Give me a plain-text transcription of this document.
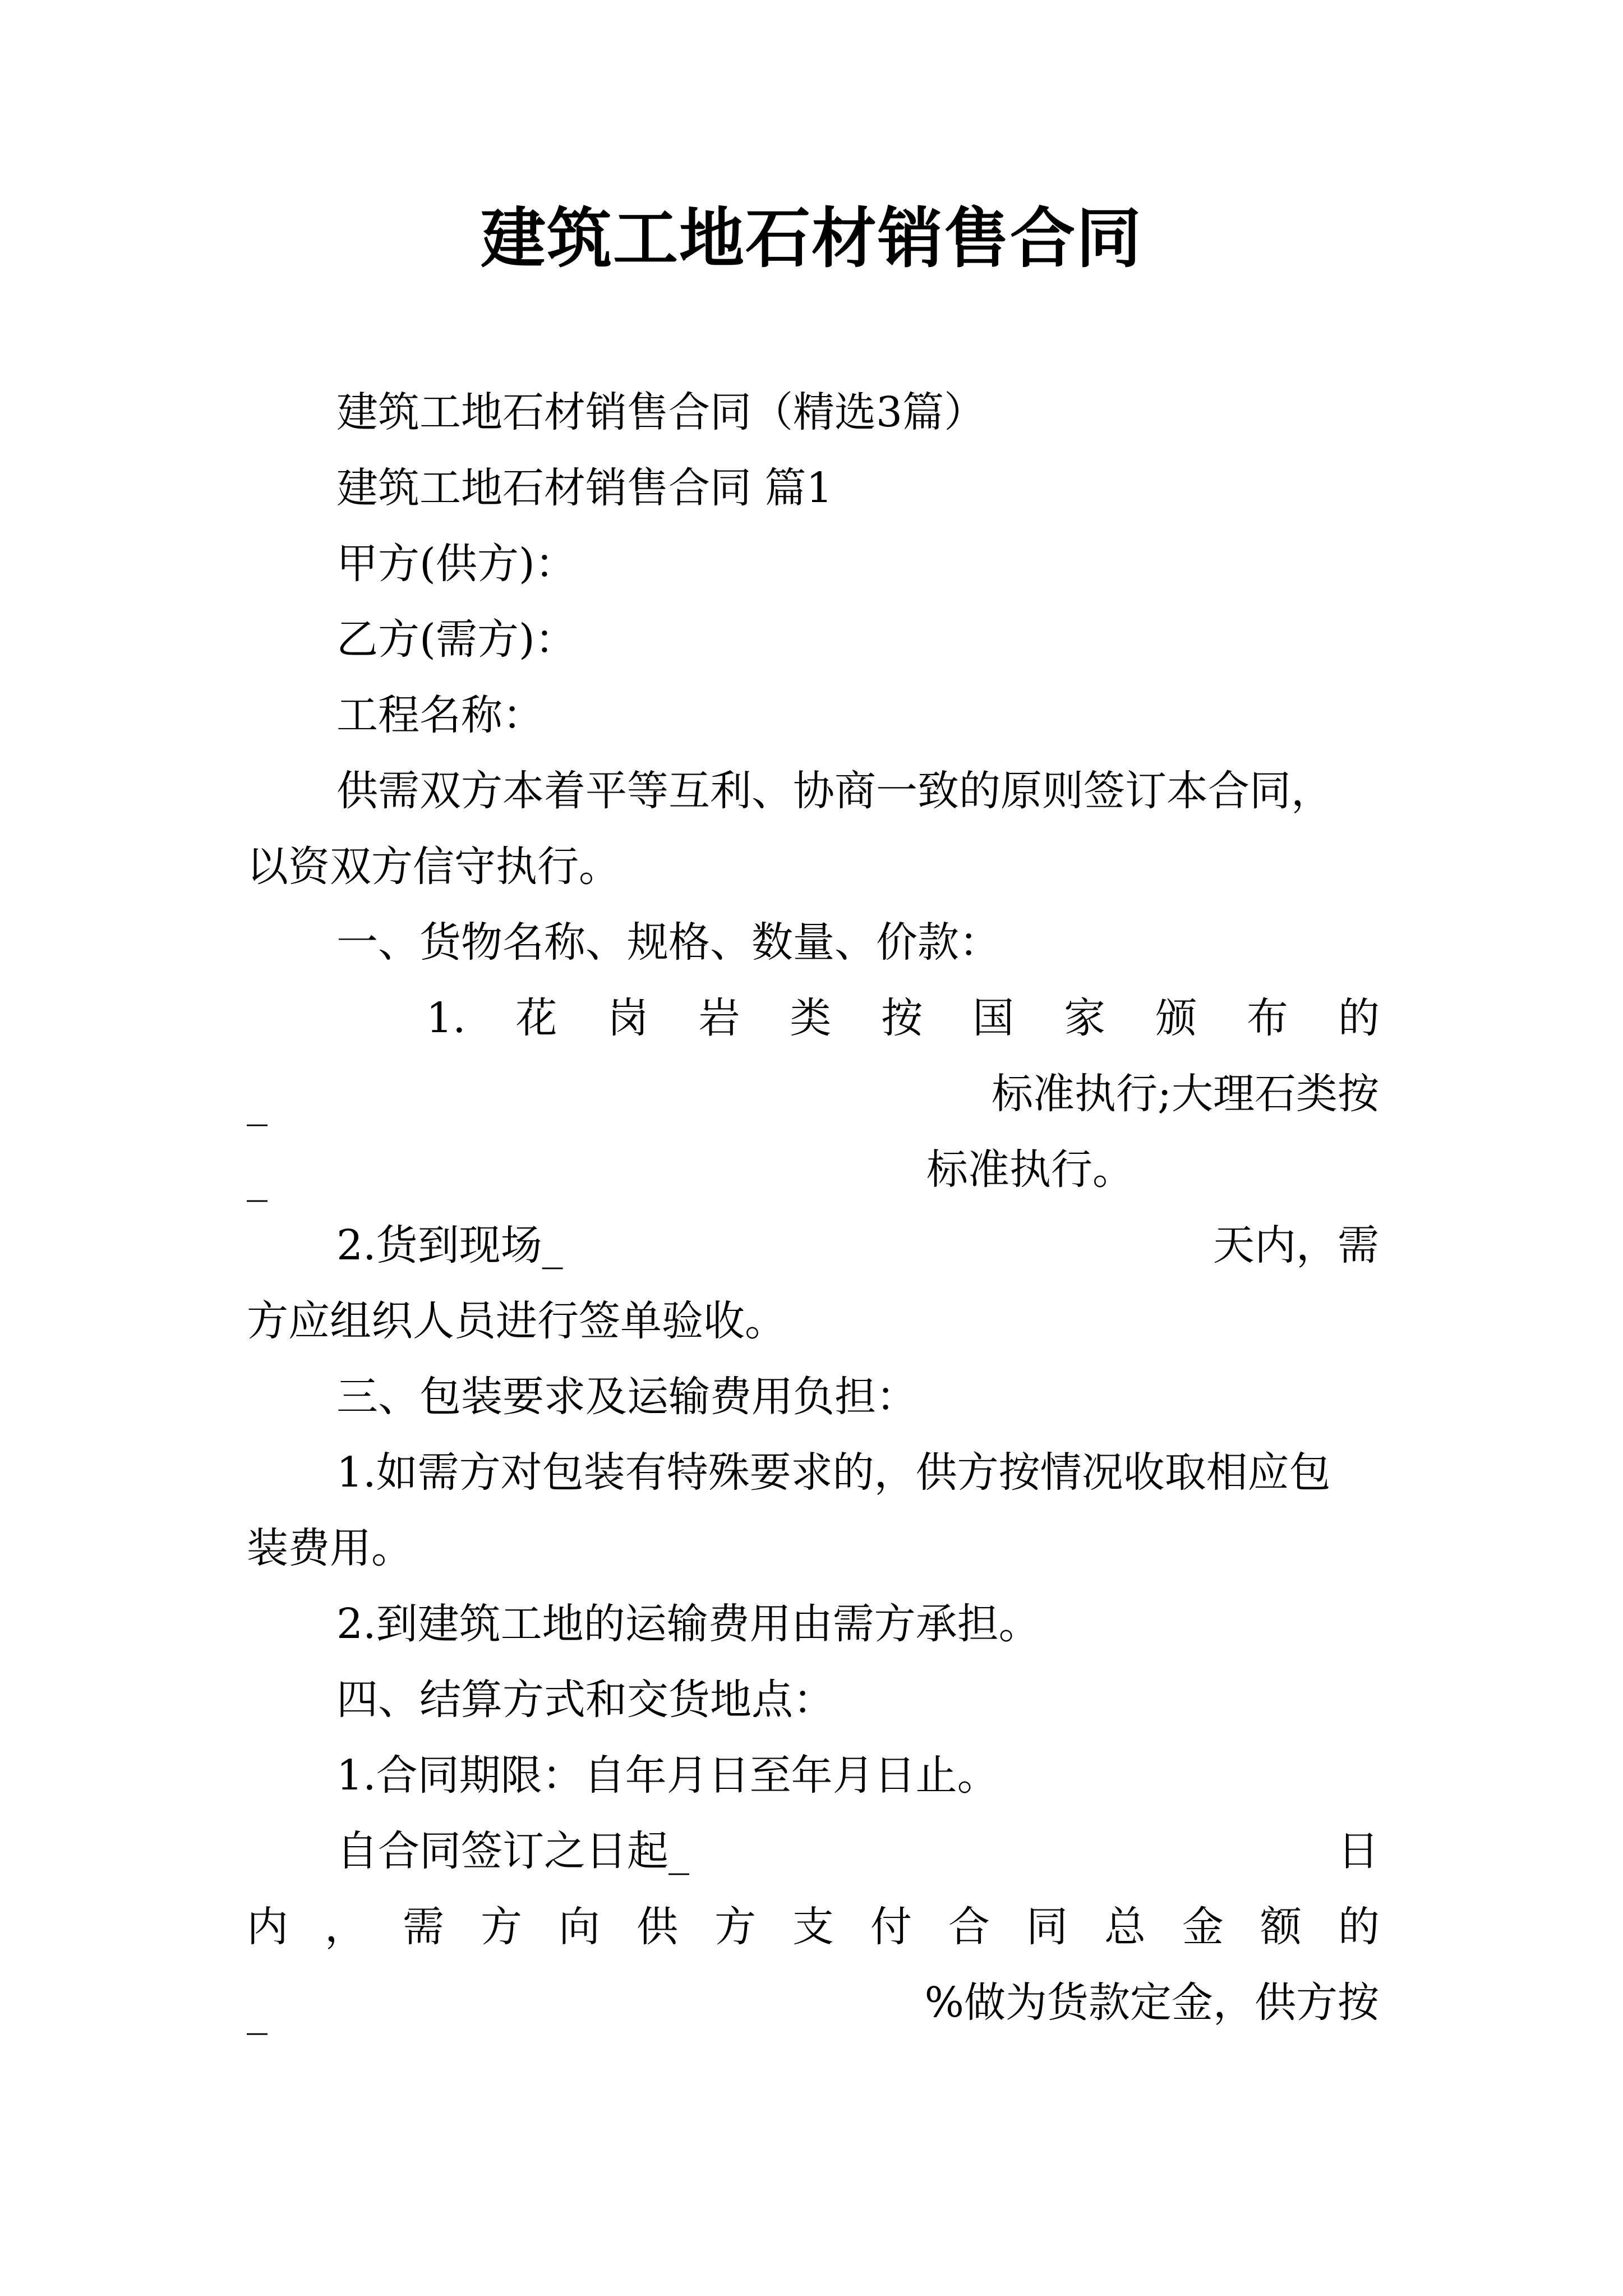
建筑工地石材销售合同

建筑工地石材销售合同（精选3篇）

建筑工地石材销售合同 篇1

甲方(供方)：

乙方(需方)：

工程名称：

供需双方本着平等互利、协商一致的原则签订本合同，

以资双方信守执行。

一、货物名称、规格、数量、价款：

1. 花 岗 岩 类 按 国 家 颁 布 的
_	标准执行;大理石类按
_	标准执行。
2.货到现场_	天内，需

方应组织人员进行签单验收。

三、包装要求及运输费用负担：

1.如需方对包装有特殊要求的，供方按情况收取相应包

装费用。

2.到建筑工地的运输费用由需方承担。

四、结算方式和交货地点：

1.合同期限：自年月日至年月日止。

自合同签订之日起_	日
内 ， 需 方 向 供 方 支 付 合 同 总 金 额 的
_	%做为货款定金，供方按
